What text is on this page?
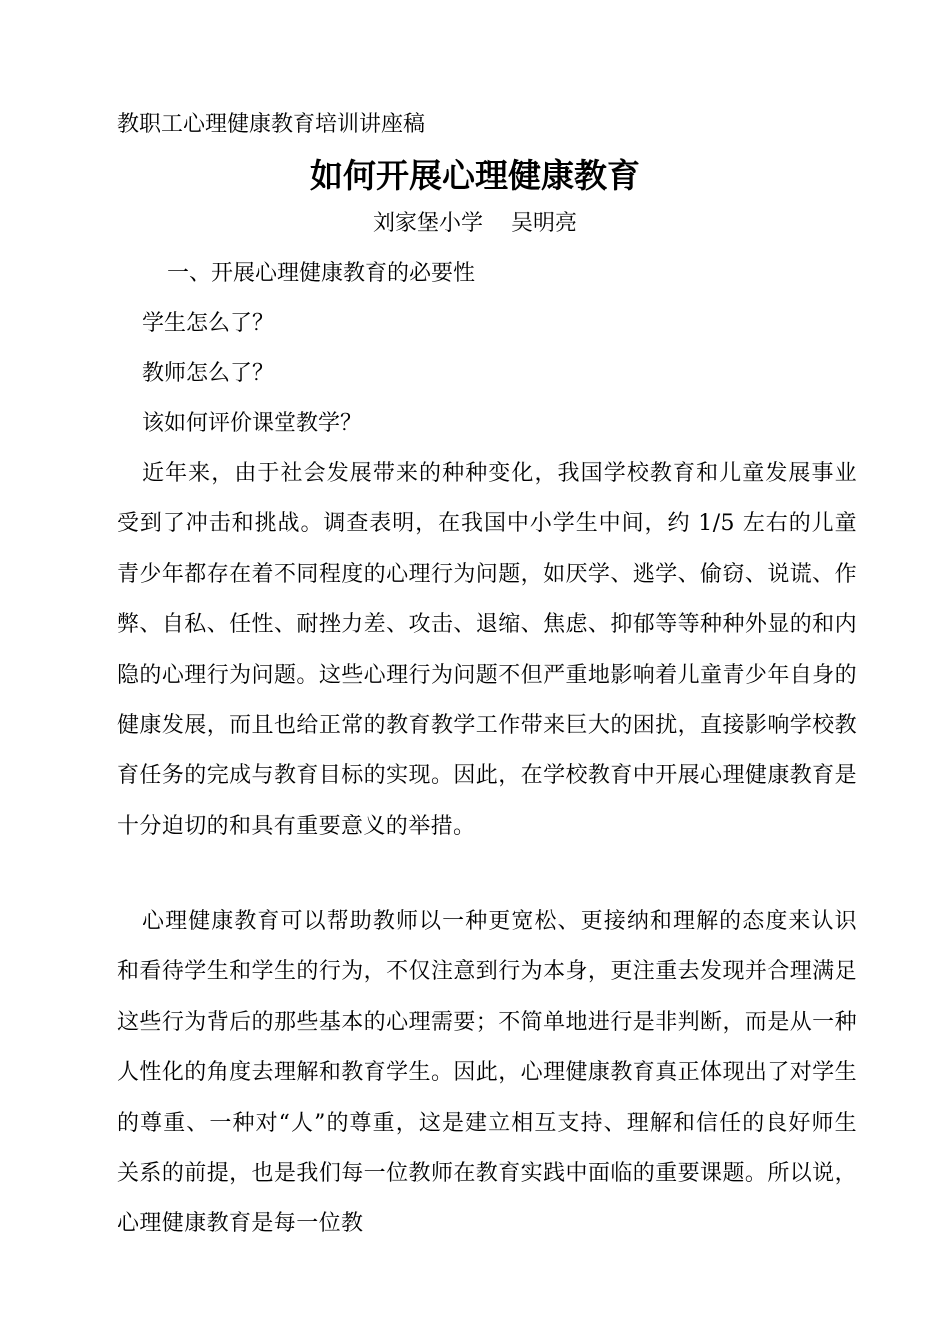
教职工心理健康教育培训讲座稿
如何开展心理健康教育
刘家堡小学 吴明亮
一、开展心理健康教育的必要性
学生怎么了？
教师怎么了？
该如何评价课堂教学？
近年来，由于社会发展带来的种种变化，我国学校教育和儿童发展事业受到了冲击和挑战。调查表明，在我国中小学生中间，约 1/5 左右的儿童青少年都存在着不同程度的心理行为问题，如厌学、逃学、偷窃、说谎、作弊、自私、任性、耐挫力差、攻击、退缩、焦虑、抑郁等等种种外显的和内隐的心理行为问题。这些心理行为问题不但严重地影响着儿童青少年自身的健康发展，而且也给正常的教育教学工作带来巨大的困扰，直接影响学校教育任务的完成与教育目标的实现。因此，在学校教育中开展心理健康教育是十分迫切的和具有重要意义的举措。
心理健康教育可以帮助教师以一种更宽松、更接纳和理解的态度来认识和看待学生和学生的行为，不仅注意到行为本身，更注重去发现并合理满足这些行为背后的那些基本的心理需要；不简单地进行是非判断，而是从一种人性化的角度去理解和教育学生。因此，心理健康教育真正体现出了对学生的尊重、一种对“人”的尊重，这是建立相互支持、理解和信任的良好师生关系的前提，也是我们每一位教师在教育实践中面临的重要课题。所以说，心理健康教育是每一位教
